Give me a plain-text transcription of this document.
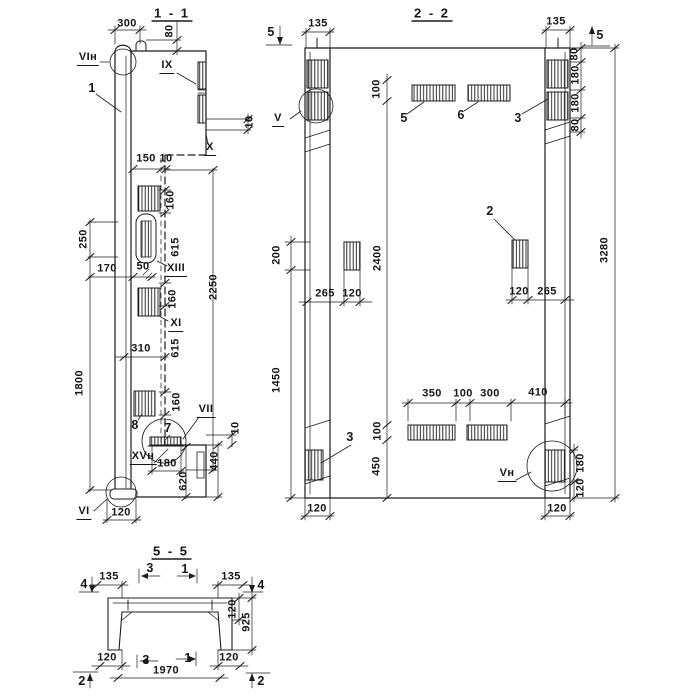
300
80
10
150 10
160
615
250
170 50
2250
160
310 615
1800
160
10
180	440
620
120
VIн
IX
X
XIII
XI
VII
XVн
VI
1
8 7
135	135
80
180
180
80
100
2400
200
1450
265 120	120 265
3280
350 100 300	410
100
450	180
120
120	120
V
Vн
5	6	3
2
3
5	5
135	135
120
925
120	120
1970
4	4
3 1
3	1
2	2
1 - 1	2 - 2
5 - 5
